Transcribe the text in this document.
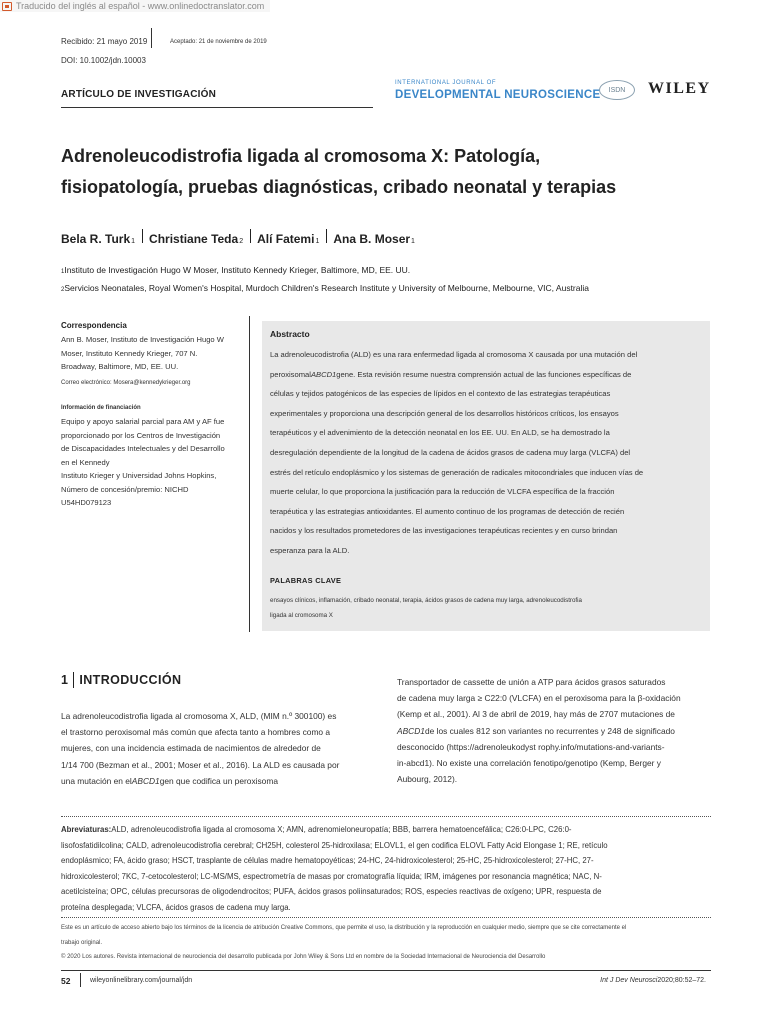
Traducido del inglés al español - www.onlinedoctranslator.com
Recibido: 21 mayo 2019	Aceptado: 21 de noviembre de 2019
DOI: 10.1002/jdn.10003
ARTÍCULO DE INVESTIGACIÓN
INTERNATIONAL JOURNAL OF
DEVELOPMENTAL NEUROSCIENCE	ISDN	WILEY
Adrenoleucodistrofia ligada al cromosoma X: Patología,
fisiopatología, pruebas diagnósticas, cribado neonatal y terapias
Bela R. Turk$_1$ Christiane Teda$_2$ Alí Fatemi$_1$ Ana B. Moser$_1$
1Instituto de Investigación Hugo W Moser, Instituto Kennedy Krieger, Baltimore, MD, EE. UU.
2Servicios Neonatales, Royal Women's Hospital, Murdoch Children's Research Institute y University of Melbourne, Melbourne, VIC, Australia
Correspondencia
Ann B. Moser, Instituto de Investigación Hugo W
Moser, Instituto Kennedy Krieger, 707 N.
Broadway, Baltimore, MD, EE. UU.
Correo electrónico: Mosera@kennedykrieger.org
Información de financiación
Equipo y apoyo salarial parcial para AM y AF fue
proporcionado por los Centros de Investigación
de Discapacidades Intelectuales y del Desarrollo
en el Kennedy
Instituto Krieger y Universidad Johns Hopkins,
Número de concesión/premio: NICHD
U54HD079123
Abstracto
La adrenoleucodistrofia (ALD) es una rara enfermedad ligada al cromosoma X causada por una mutación del
peroxisomalABCD1gene. Esta revisión resume nuestra comprensión actual de las funciones específicas de
células y tejidos patogénicos de las especies de lípidos en el contexto de las estrategias terapéuticas
experimentales y proporciona una descripción general de los desarrollos históricos críticos, los ensayos
terapéuticos y el advenimiento de la detección neonatal en los EE. UU. En ALD, se ha demostrado la
desregulación dependiente de la longitud de la cadena de ácidos grasos de cadena muy larga (VLCFA) del
estrés del retículo endoplásmico y los sistemas de generación de radicales mitocondriales que inducen vías de
muerte celular, lo que proporciona la justificación para la reducción de VLCFA específica de la fracción
terapéutica y las estrategias antioxidantes. El aumento continuo de los programas de detección de recién
nacidos y los resultados prometedores de las investigaciones terapéuticas recientes y en curso brindan
esperanza para la ALD.
PALABRAS CLAVE
ensayos clínicos, inflamación, cribado neonatal, terapia, ácidos grasos de cadena muy larga, adrenoleucodistrofia
ligada al cromosoma X
1 INTRODUCCIÓN
La adrenoleucodistrofia ligada al cromosoma X, ALD, (MIM n.º 300100) es
el trastorno peroxisomal más común que afecta tanto a hombres como a
mujeres, con una incidencia estimada de nacimientos de alrededor de
1/14 700 (Bezman et al., 2001; Moser et al., 2016). La ALD es causada por
una mutación en elABCD1gen que codifica un peroxisoma
Transportador de cassette de unión a ATP para ácidos grasos saturados
de cadena muy larga ≥ C22:0 (VLCFA) en el peroxisoma para la β-oxidación
(Kemp et al., 2001). Al 3 de abril de 2019, hay más de 2707 mutaciones de
ABCD1de los cuales 812 son variantes no recurrentes y 248 de significado
desconocido (https://adrenoleukodyst rophy.info/mutations-and-variants-
in-abcd1). No existe una correlación fenotipo/genotipo (Kemp, Berger y
Aubourg, 2012).
Abreviaturas:ALD, adrenoleucodistrofia ligada al cromosoma X; AMN, adrenomieloneuropatía; BBB, barrera hematoencefálica; C26:0-LPC, C26:0-
lisofosfatidilcolina; CALD, adrenoleucodistrofia cerebral; CH25H, colesterol 25-hidroxilasa; ELOVL1, el gen codifica ELOVL Fatty Acid Elongase 1; RE, retículo
endoplásmico; FA, ácido graso; HSCT, trasplante de células madre hematopoyéticas; 24-HC, 24-hidroxicolesterol; 25-HC, 25-hidroxicolesterol; 27-HC, 27-
hidroxicolesterol; 7KC, 7-cetocolesterol; LC-MS/MS, espectrometría de masas por cromatografía líquida; IRM, imágenes por resonancia magnética; NAC, N-
acetilcisteína; OPC, células precursoras de oligodendrocitos; PUFA, ácidos grasos poliinsaturados; ROS, especies reactivas de oxígeno; UPR, respuesta de
proteína desplegada; VLCFA, ácidos grasos de cadena muy larga.
Este es un artículo de acceso abierto bajo los términos de la licencia de atribución Creative Commons, que permite el uso, la distribución y la reproducción en cualquier medio, siempre que se cite correctamente el
trabajo original.
© 2020 Los autores. Revista internacional de neurociencia del desarrollo publicada por John Wiley & Sons Ltd en nombre de la Sociedad Internacional de Neurociencia del Desarrollo
52	wileyonlinelibrary.com/journal/jdn	Int J Dev Neurosci2020;80:52–72.
